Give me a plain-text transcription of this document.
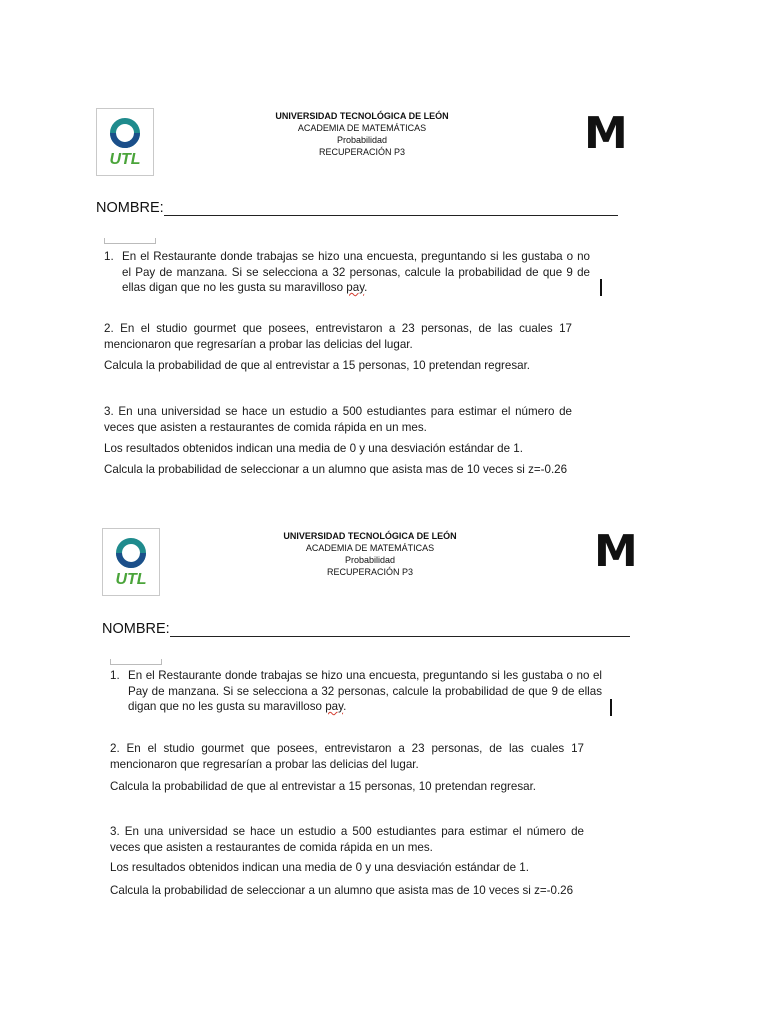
UTL
UNIVERSIDAD TECNOLÓGICA DE LEÓN
ACADEMIA DE MATEMÁTICAS
Probabilidad
RECUPERACIÓN P3	M
NOMBRE:
1. En el Restaurante donde trabajas se hizo una encuesta, preguntando si les gustaba o no el Pay de manzana. Si se selecciona a 32 personas, calcule la probabilidad de que 9 de ellas digan que no les gusta su maravilloso pay.
2. En el studio gourmet que posees, entrevistaron a 23 personas, de las cuales 17 mencionaron que regresarían a probar las delicias del lugar.
Calcula la probabilidad de que al entrevistar a 15 personas, 10 pretendan regresar.
3. En una universidad se hace un estudio a 500 estudiantes para estimar el número de veces que asisten a restaurantes de comida rápida en un mes.
Los resultados obtenidos indican una media de 0 y una desviación estándar de 1.
Calcula la probabilidad de seleccionar a un alumno que asista mas de 10 veces si z=-0.26
UTL
UNIVERSIDAD TECNOLÓGICA DE LEÓN
ACADEMIA DE MATEMÁTICAS
Probabilidad
RECUPERACIÓN P3	M
NOMBRE:
1. En el Restaurante donde trabajas se hizo una encuesta, preguntando si les gustaba o no el Pay de manzana. Si se selecciona a 32 personas, calcule la probabilidad de que 9 de ellas digan que no les gusta su maravilloso pay.
2. En el studio gourmet que posees, entrevistaron a 23 personas, de las cuales 17 mencionaron que regresarían a probar las delicias del lugar.
Calcula la probabilidad de que al entrevistar a 15 personas, 10 pretendan regresar.
3. En una universidad se hace un estudio a 500 estudiantes para estimar el número de veces que asisten a restaurantes de comida rápida en un mes.
Los resultados obtenidos indican una media de 0 y una desviación estándar de 1.
Calcula la probabilidad de seleccionar a un alumno que asista mas de 10 veces si z=-0.26
